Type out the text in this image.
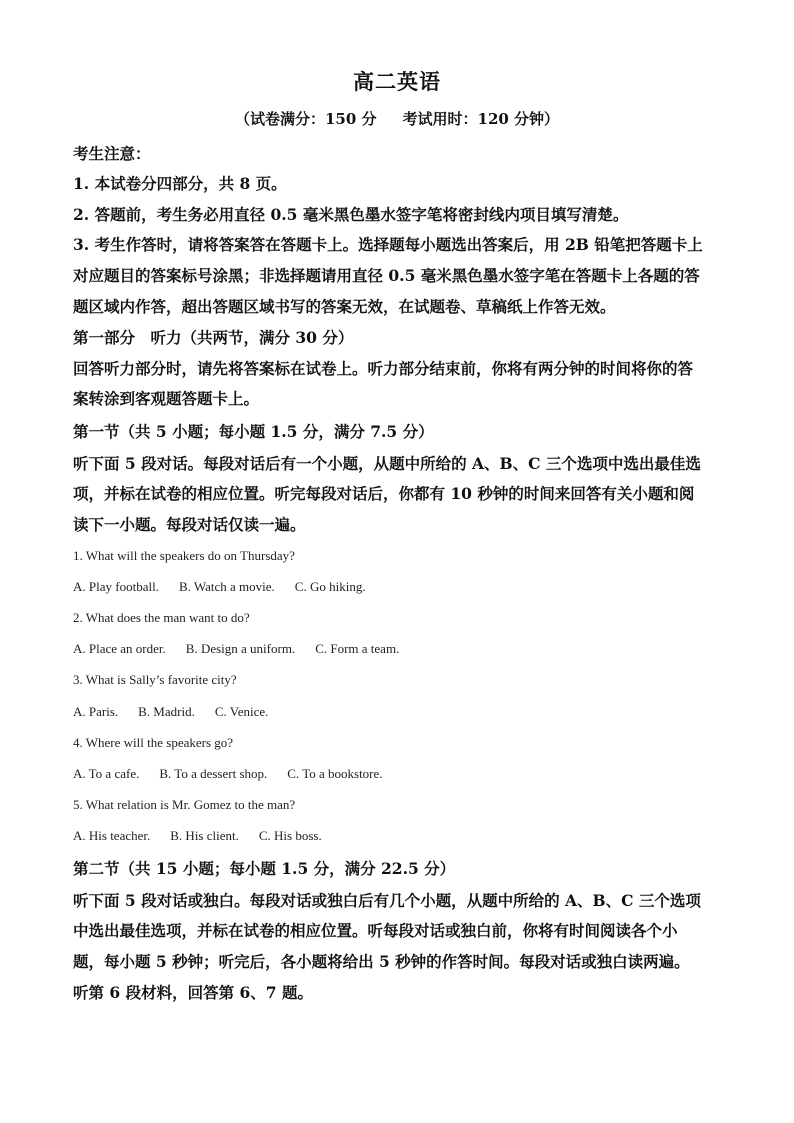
高二英语
（试卷满分：150 分 考试用时：120 分钟）
考生注意：
1. 本试卷分四部分，共 8 页。
2. 答题前，考生务必用直径 0.5 毫米黑色墨水签字笔将密封线内项目填写清楚。
3. 考生作答时，请将答案答在答题卡上。选择题每小题选出答案后，用 2B 铅笔把答题卡上
对应题目的答案标号涂黑；非选择题请用直径 0.5 毫米黑色墨水签字笔在答题卡上各题的答
题区域内作答，超出答题区域书写的答案无效，在试题卷、草稿纸上作答无效。
第一部分　听力（共两节，满分 30 分）
回答听力部分时，请先将答案标在试卷上。听力部分结束前，你将有两分钟的时间将你的答
案转涂到客观题答题卡上。
第一节（共 5 小题；每小题 1.5 分，满分 7.5 分）
听下面 5 段对话。每段对话后有一个小题，从题中所给的 A、B、C 三个选项中选出最佳选
项，并标在试卷的相应位置。听完每段对话后，你都有 10 秒钟的时间来回答有关小题和阅
读下一小题。每段对话仅读一遍。
1. What will the speakers do on Thursday?
A. Play football. B. Watch a movie. C. Go hiking.
2. What does the man want to do?
A. Place an order. B. Design a uniform. C. Form a team.
3. What is Sally’s favorite city?
A. Paris. B. Madrid. C. Venice.
4. Where will the speakers go?
A. To a cafe. B. To a dessert shop. C. To a bookstore.
5. What relation is Mr. Gomez to the man?
A. His teacher. B. His client. C. His boss.
第二节（共 15 小题；每小题 1.5 分，满分 22.5 分）
听下面 5 段对话或独白。每段对话或独白后有几个小题，从题中所给的 A、B、C 三个选项
中选出最佳选项，并标在试卷的相应位置。听每段对话或独白前，你将有时间阅读各个小
题，每小题 5 秒钟；听完后，各小题将给出 5 秒钟的作答时间。每段对话或独白读两遍。
听第 6 段材料，回答第 6、7 题。
